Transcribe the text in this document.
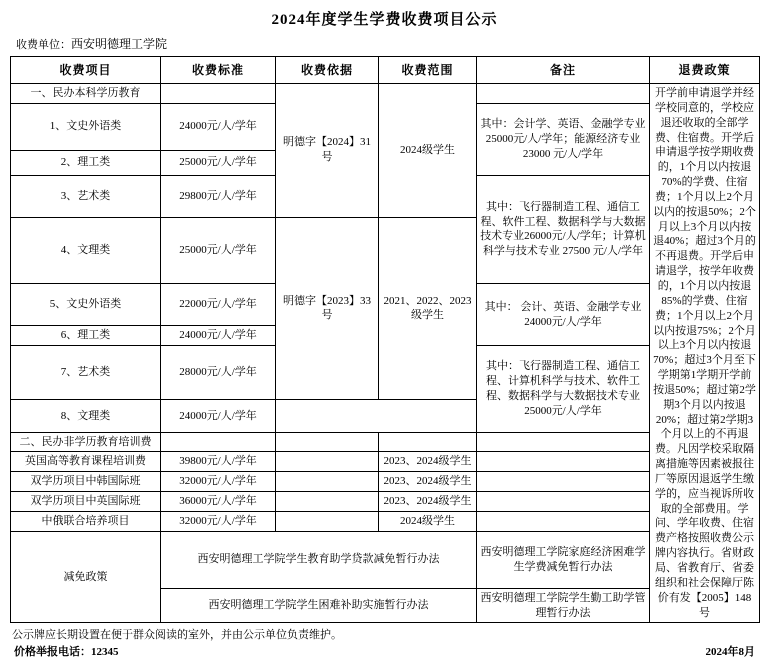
2024年度学生学费收费项目公示
收费单位：西安明德理工学院
收费项目	收费标准	收费依据	收费范围	备注	退费政策
一、民办本科学历教育		明德字【2024】31号	2024级学生		开学前申请退学并经学校同意的，学校应退还收取的全部学费、住宿费。开学后申请退学按学期收费的，1个月以内按退70%的学费、住宿费；1个月以上2个月以内的按退50%；2个月以上3个月以内按退40%；超过3个月的不再退费。开学后申请退学，按学年收费的，1个月以内按退85%的学费、住宿费；1个月以上2个月以内按退75%；2个月以上3个月以内按退70%；超过3个月至下学期第1学期开学前按退50%；超过第2学期3个月以内按退20%；超过第2学期3个月以上的不再退费。凡因学校采取隔离措施等因素被报往厂等原因退返学生缴学的，应当视诉所收取的全部费用。学问、学年收费、住宿费产格按照收费公示牌内容执行。省财政局、省教育厅、省委组织和社会保障厅陈价有发【2005】148号
1、文史外语类	24000元/人/学年			其中：会计学、英语、金融学专业25000元/人/学年；能源经济专业 23000 元/人/学年	
2、理工类	25000元/人/学年				
3、艺术类	29800元/人/学年			其中：飞行器制造工程、通信工程、软件工程、数据科学与大数据技术专业26000元/人/学年；计算机科学与技术专业 27500 元/人/学年	
4、文理类	25000元/人/学年	明德字【2023】33号	2021、2022、2023级学生		
5、文史外语类	22000元/人/学年			其中： 会计、英语、金融学专业 24000元/人/学年	
6、理工类	24000元/人/学年				
7、艺术类	28000元/人/学年			其中：飞行器制造工程、通信工程、计算机科学与技术、软件工程、数据科学与大数据技术专业25000元/人/学年	
8、文理类	24000元/人/学年				
二、民办非学历教育培训费					
英国高等教育课程培训费	39800元/人/学年		2023、2024级学生		
双学历项目中韩国际班	32000元/人/学年		2023、2024级学生		
双学历项目中英国际班	36000元/人/学年		2023、2024级学生		
中俄联合培养项目	32000元/人/学年		2024级学生		
减免政策	西安明德理工学院学生教育助学贷款减免暂行办法			西安明德理工学院家庭经济困难学生学费减免暂行办法	
	西安明德理工学院学生困难补助实施暂行办法			西安明德理工学院学生勤工助学管理暂行办法	
公示牌应长期设置在便于群众阅读的室外，并由公示单位负责维护。
价格举报电话：12345	2024年8月
